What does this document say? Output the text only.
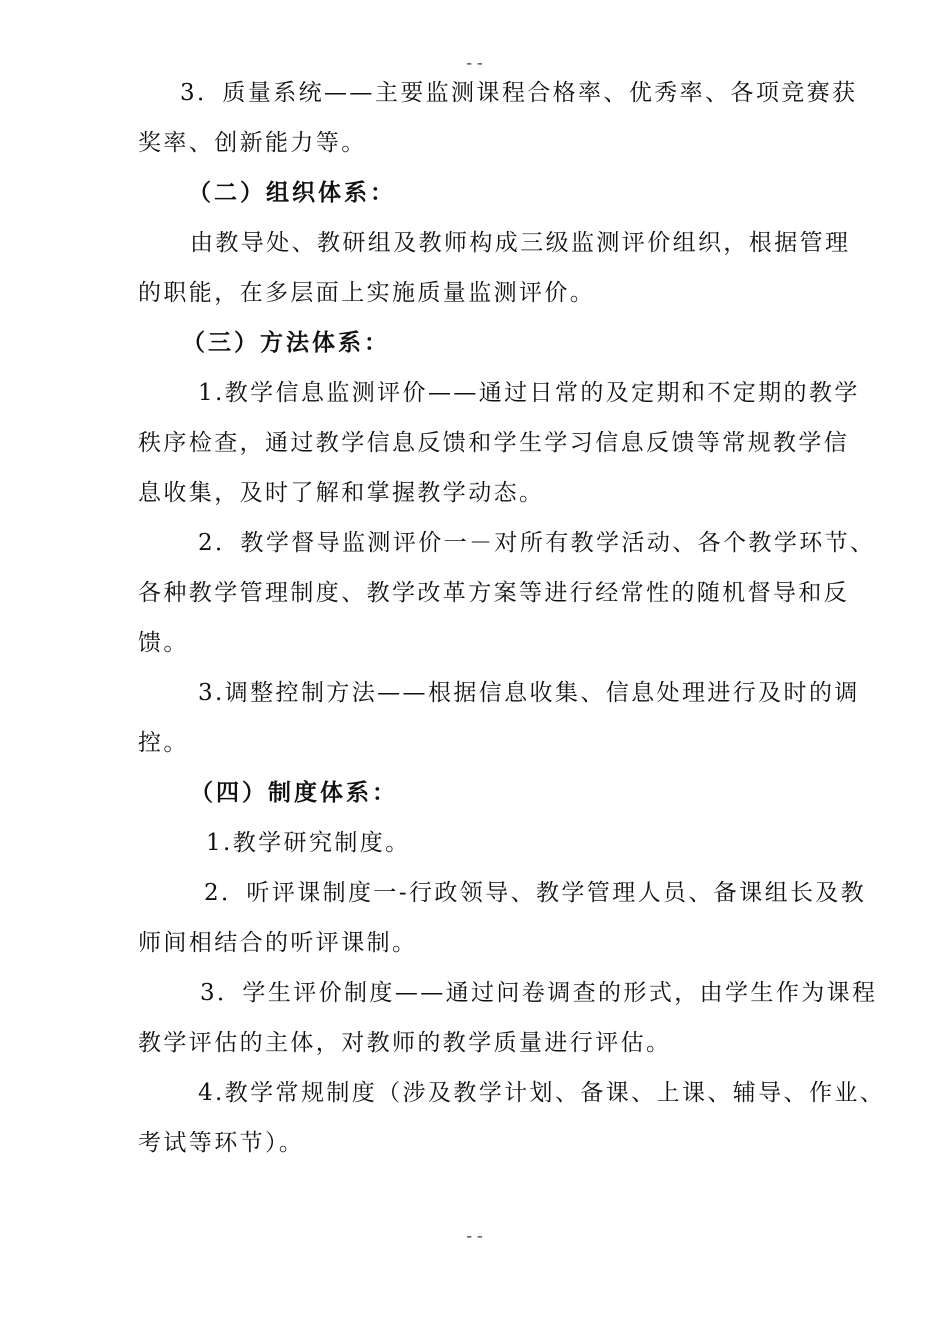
--
3．质量系统——主要监测课程合格率、优秀率、各项竞赛获
奖率、创新能力等。
（二）组织体系：
由教导处、教研组及教师构成三级监测评价组织，根据管理
的职能，在多层面上实施质量监测评价。
（三）方法体系：
1.教学信息监测评价——通过日常的及定期和不定期的教学
秩序检查，通过教学信息反馈和学生学习信息反馈等常规教学信
息收集，及时了解和掌握教学动态。
2．教学督导监测评价一－对所有教学活动、各个教学环节、
各种教学管理制度、教学改革方案等进行经常性的随机督导和反
馈。
3.调整控制方法——根据信息收集、信息处理进行及时的调
控。
（四）制度体系：
1.教学研究制度。
2．听评课制度一-行政领导、教学管理人员、备课组长及教
师间相结合的听评课制。
3．学生评价制度——通过问卷调查的形式，由学生作为课程
教学评估的主体，对教师的教学质量进行评估。
4.教学常规制度（涉及教学计划、备课、上课、辅导、作业、
考试等环节）。
--
